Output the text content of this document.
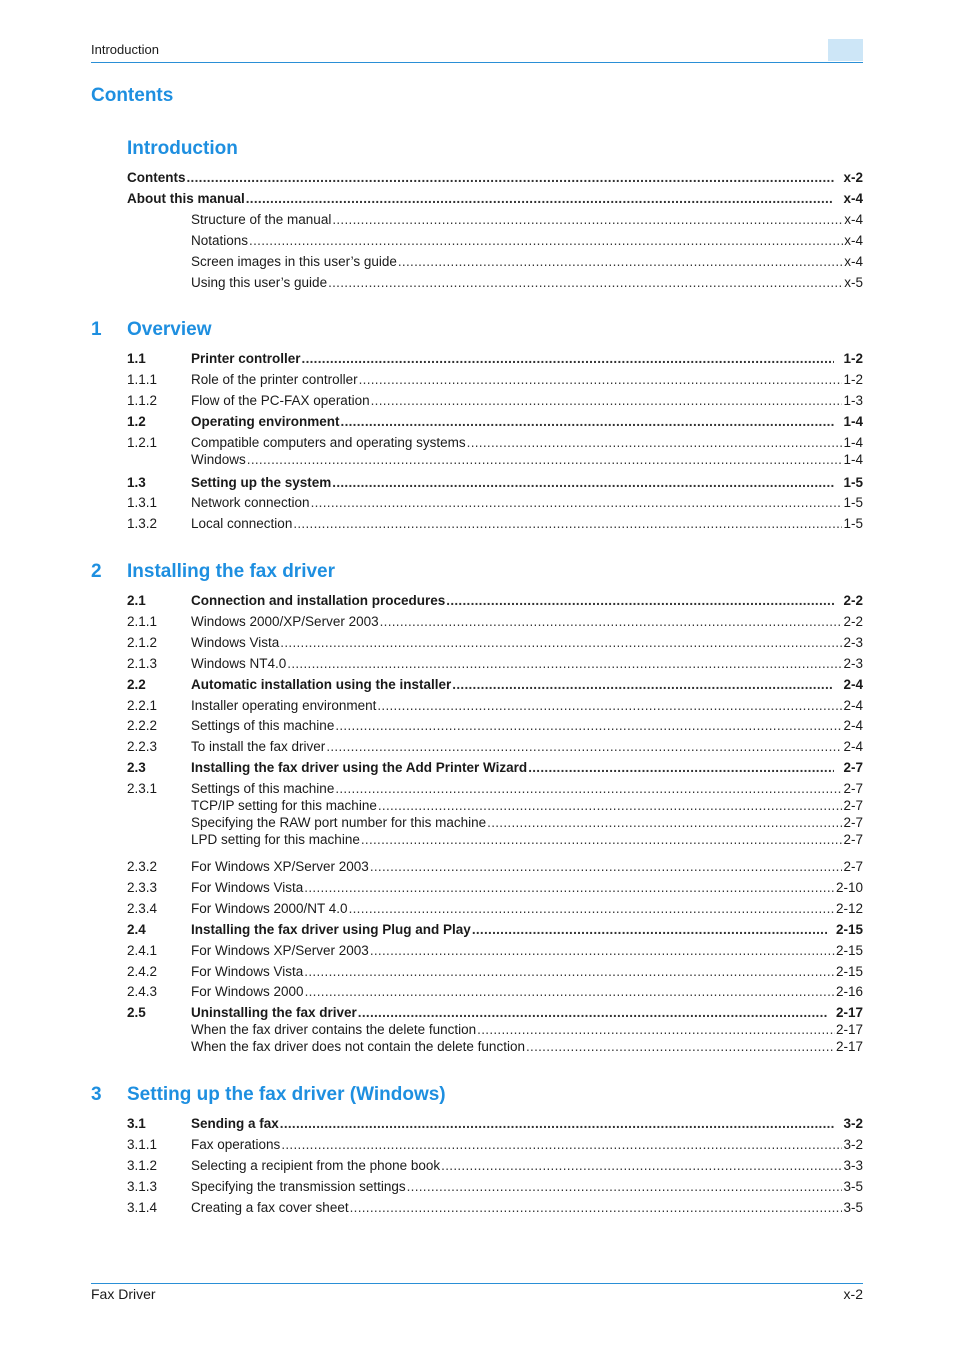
Introduction
Contents
Introduction
Contents .....	x-2
About this manual .....	x-4
Structure of the manual .....	x-4
Notations .....	x-4
Screen images in this user’s guide .....	x-4
Using this user’s guide .....	x-5
1 Overview
1.1	Printer controller .....	1-2
1.1.1	Role of the printer controller .....	1-2
1.1.2	Flow of the PC-FAX operation .....	1-3
1.2	Operating environment .....	1-4
1.2.1	Compatible computers and operating systems .....	1-4
Windows .....	1-4
1.3	Setting up the system .....	1-5
1.3.1	Network connection .....	1-5
1.3.2	Local connection .....	1-5
2 Installing the fax driver
2.1	Connection and installation procedures .....	2-2
2.1.1	Windows 2000/XP/Server 2003 .....	2-2
2.1.2	Windows Vista .....	2-3
2.1.3	Windows NT4.0 .....	2-3
2.2	Automatic installation using the installer .....	2-4
2.2.1	Installer operating environment .....	2-4
2.2.2	Settings of this machine .....	2-4
2.2.3	To install the fax driver .....	2-4
2.3	Installing the fax driver using the Add Printer Wizard .....	2-7
2.3.1	Settings of this machine .....	2-7
TCP/IP setting for this machine .....	2-7
Specifying the RAW port number for this machine .....	2-7
LPD setting for this machine .....	2-7
2.3.2	For Windows XP/Server 2003 .....	2-7
2.3.3	For Windows Vista .....	2-10
2.3.4	For Windows 2000/NT 4.0 .....	2-12
2.4	Installing the fax driver using Plug and Play .....	2-15
2.4.1	For Windows XP/Server 2003 .....	2-15
2.4.2	For Windows Vista .....	2-15
2.4.3	For Windows 2000 .....	2-16
2.5	Uninstalling the fax driver .....	2-17
When the fax driver contains the delete function .....	2-17
When the fax driver does not contain the delete function .....	2-17
3 Setting up the fax driver (Windows)
3.1	Sending a fax .....	3-2
3.1.1	Fax operations .....	3-2
3.1.2	Selecting a recipient from the phone book .....	3-3
3.1.3	Specifying the transmission settings .....	3-5
3.1.4	Creating a fax cover sheet .....	3-5
Fax Driver	x-2
